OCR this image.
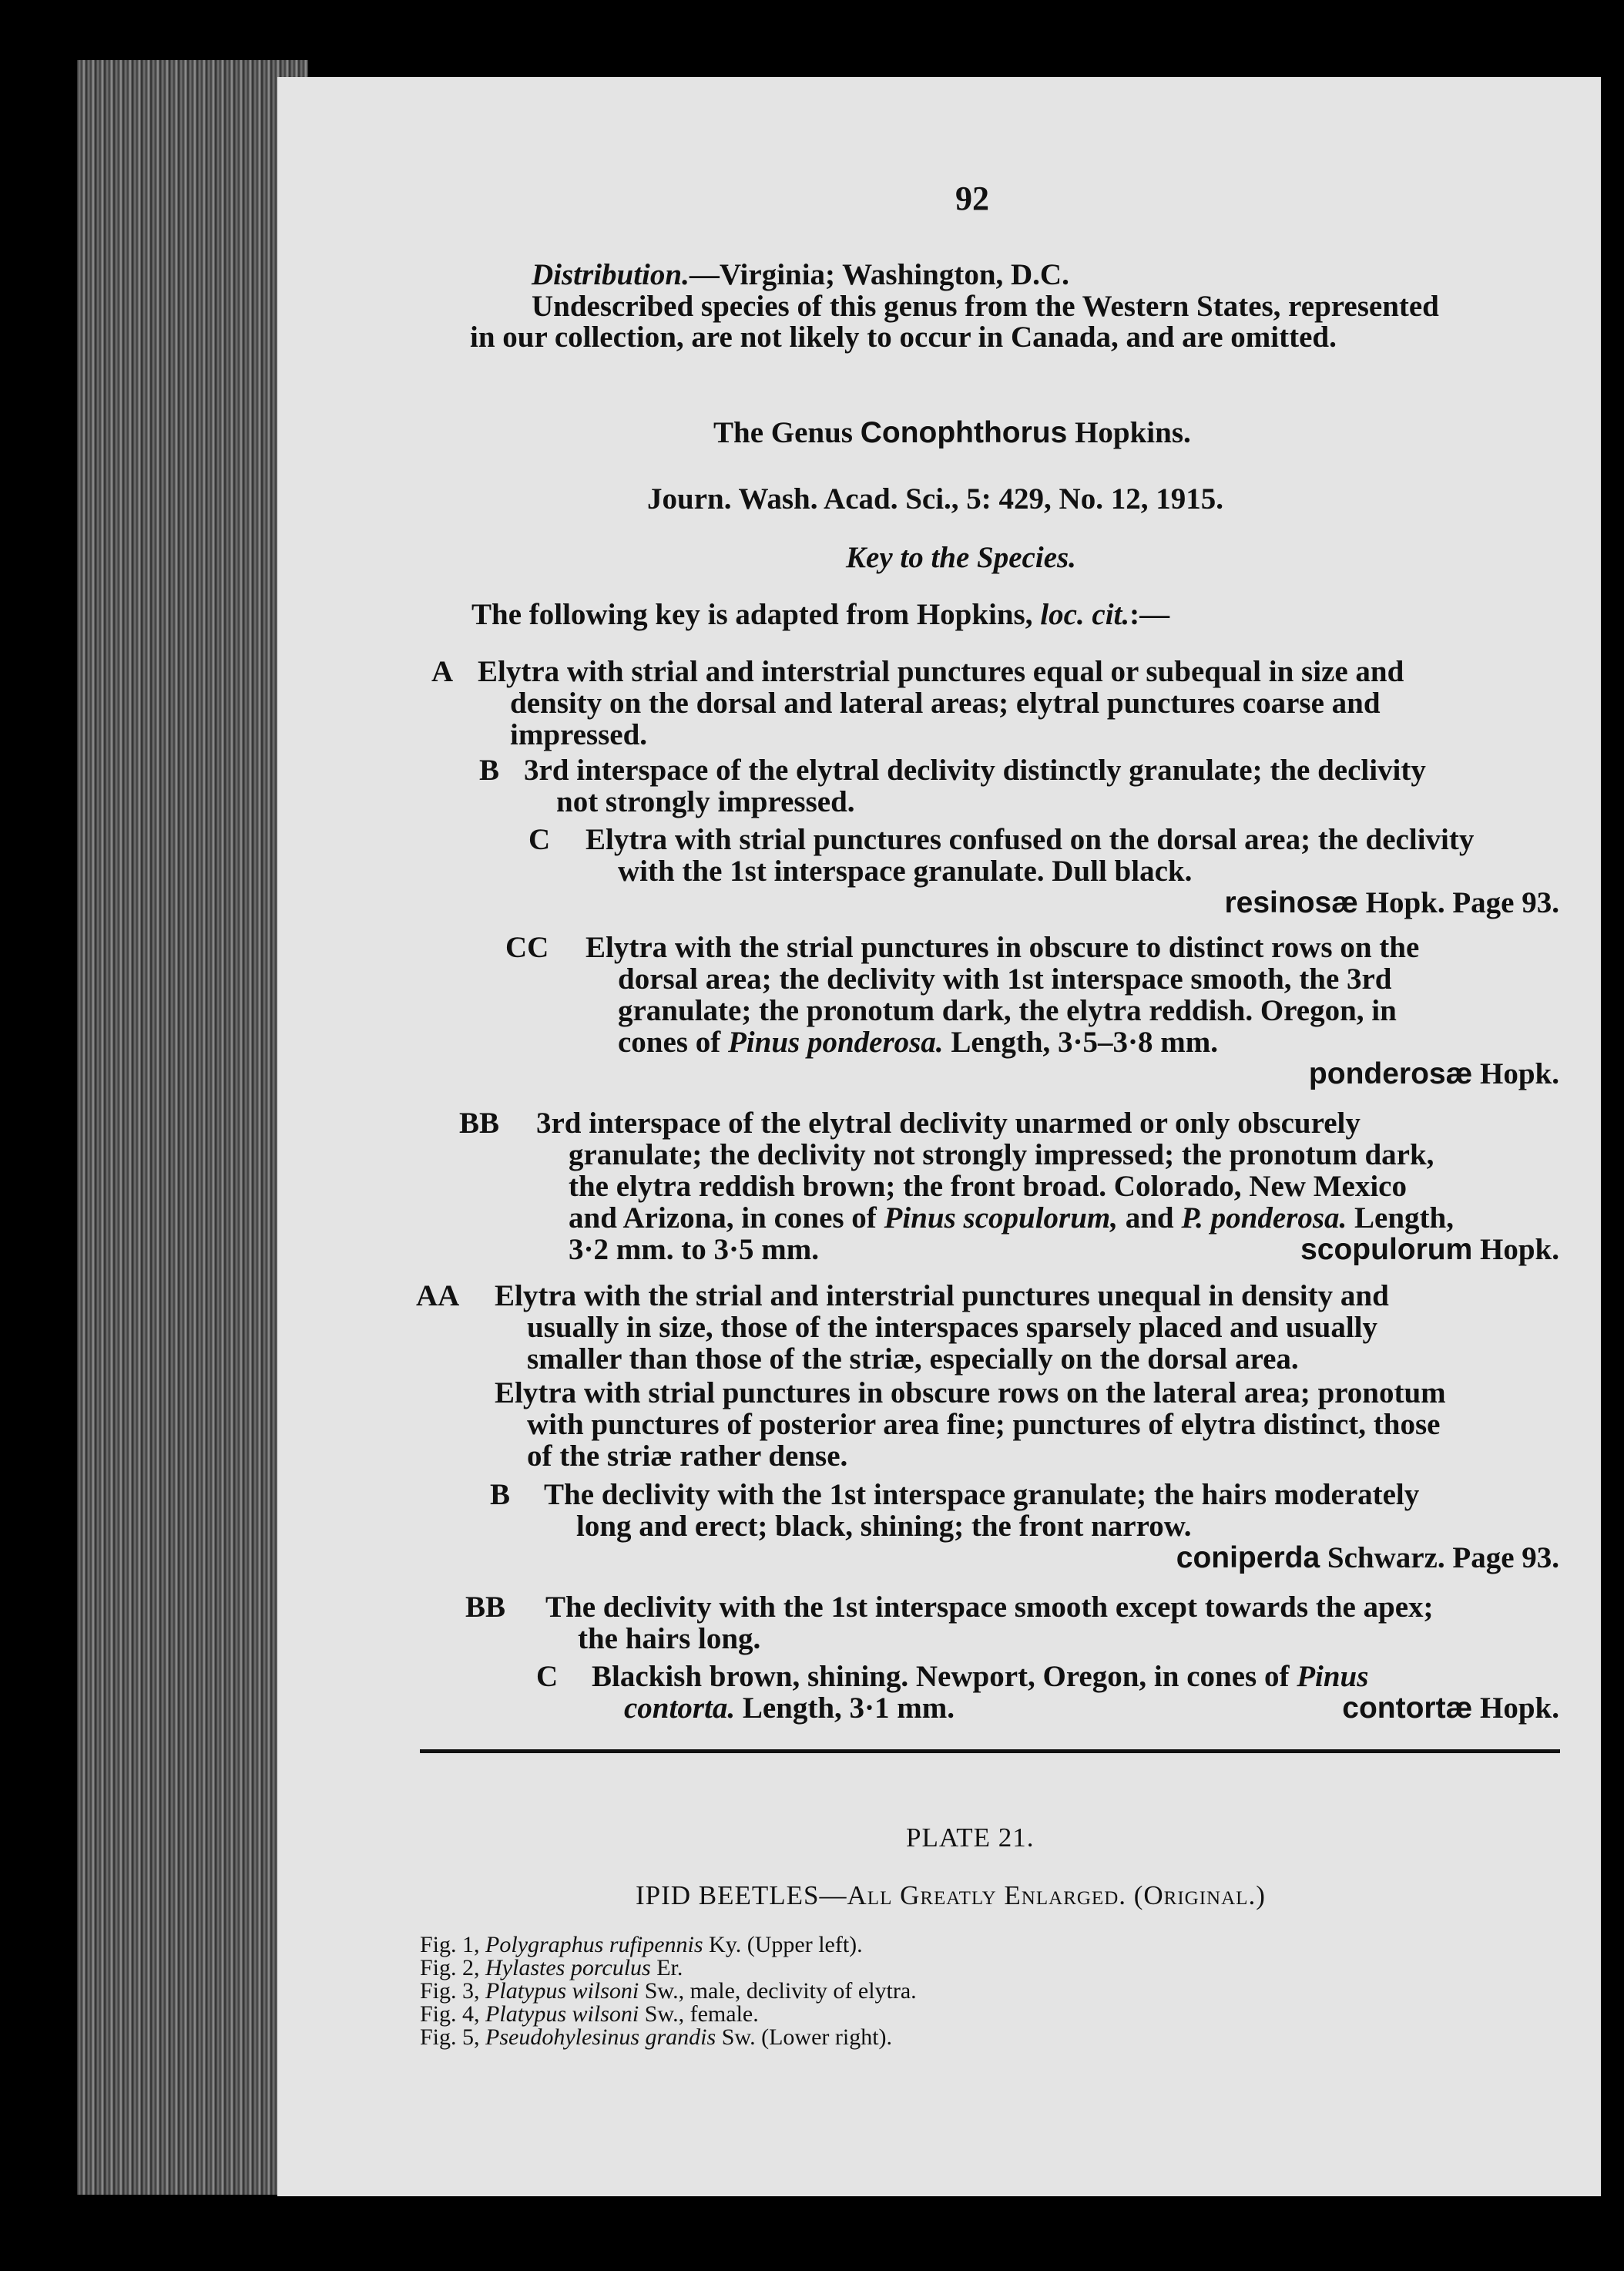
92
Distribution.—Virginia; Washington, D.C.
Undescribed species of this genus from the Western States, represented
in our collection, are not likely to occur in Canada, and are omitted.
The Genus Conophthorus Hopkins.
Journ. Wash. Acad. Sci., 5: 429, No. 12, 1915.
Key to the Species.
The following key is adapted from Hopkins, loc. cit.:—
A Elytra with strial and interstrial punctures equal or subequal in size and
density on the dorsal and lateral areas; elytral punctures coarse and
impressed.
B 3rd interspace of the elytral declivity distinctly granulate; the declivity
not strongly impressed.
C Elytra with strial punctures confused on the dorsal area; the declivity
with the 1st interspace granulate. Dull black.
resinosæ Hopk. Page 93.
CC Elytra with the strial punctures in obscure to distinct rows on the
dorsal area; the declivity with 1st interspace smooth, the 3rd
granulate; the pronotum dark, the elytra reddish. Oregon, in
cones of Pinus ponderosa. Length, 3·5–3·8 mm.
ponderosæ Hopk.
BB 3rd interspace of the elytral declivity unarmed or only obscurely
granulate; the declivity not strongly impressed; the pronotum dark,
the elytra reddish brown; the front broad. Colorado, New Mexico
and Arizona, in cones of Pinus scopulorum, and P. ponderosa. Length,
3·2 mm. to 3·5 mm.	scopulorum Hopk.
AA Elytra with the strial and interstrial punctures unequal in density and
usually in size, those of the interspaces sparsely placed and usually
smaller than those of the striæ, especially on the dorsal area.
Elytra with strial punctures in obscure rows on the lateral area; pronotum
with punctures of posterior area fine; punctures of elytra distinct, those
of the striæ rather dense.
B The declivity with the 1st interspace granulate; the hairs moderately
long and erect; black, shining; the front narrow.
coniperda Schwarz. Page 93.
BB The declivity with the 1st interspace smooth except towards the apex;
the hairs long.
C Blackish brown, shining. Newport, Oregon, in cones of Pinus
contorta. Length, 3·1 mm.	contortæ Hopk.
PLATE 21.
IPID BEETLES—All Greatly Enlarged. (Original.)
Fig. 1, Polygraphus rufipennis Ky. (Upper left).
Fig. 2, Hylastes porculus Er.
Fig. 3, Platypus wilsoni Sw., male, declivity of elytra.
Fig. 4, Platypus wilsoni Sw., female.
Fig. 5, Pseudohylesinus grandis Sw. (Lower right).
